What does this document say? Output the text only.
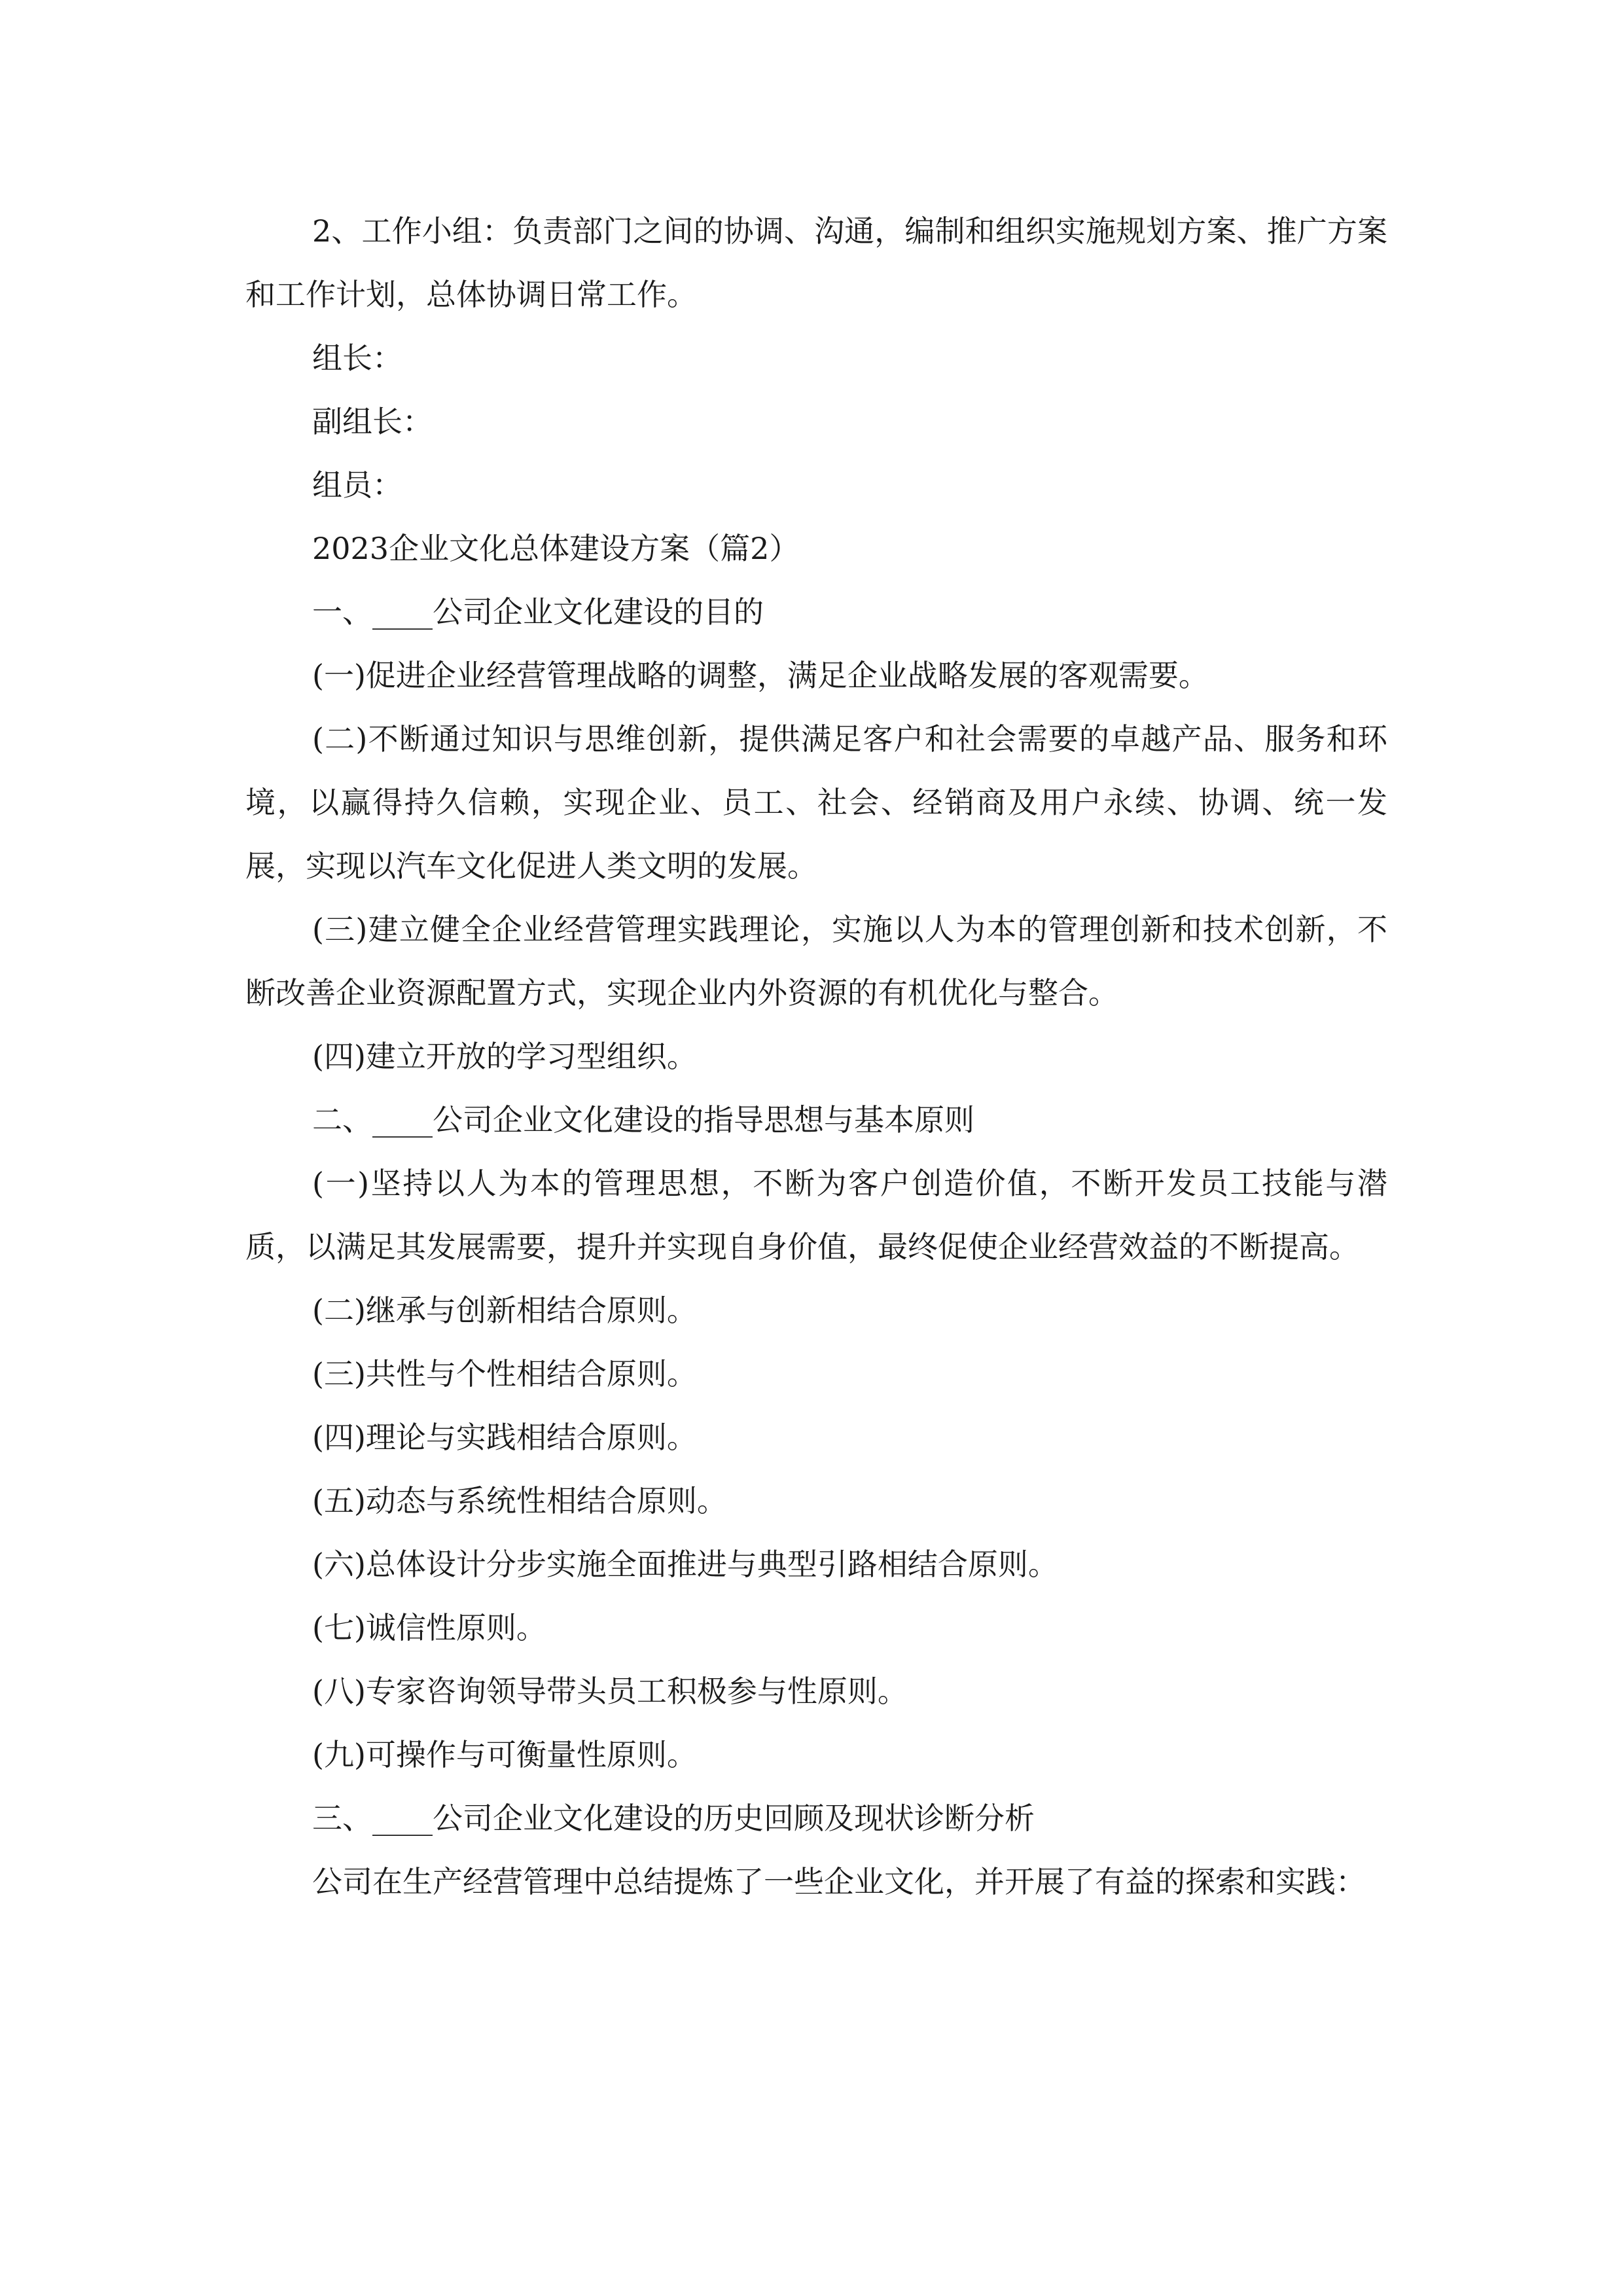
2、工作小组：负责部门之间的协调、沟通，编制和组织实施规划方案、推广方案和工作计划，总体协调日常工作。

组长：

副组长：

组员：

2023企业文化总体建设方案（篇2）

一、____公司企业文化建设的目的

(一)促进企业经营管理战略的调整，满足企业战略发展的客观需要。

(二)不断通过知识与思维创新，提供满足客户和社会需要的卓越产品、服务和环境，以赢得持久信赖，实现企业、员工、社会、经销商及用户永续、协调、统一发展，实现以汽车文化促进人类文明的发展。

(三)建立健全企业经营管理实践理论，实施以人为本的管理创新和技术创新，不断改善企业资源配置方式，实现企业内外资源的有机优化与整合。

(四)建立开放的学习型组织。

二、____公司企业文化建设的指导思想与基本原则

(一)坚持以人为本的管理思想，不断为客户创造价值，不断开发员工技能与潜质，以满足其发展需要，提升并实现自身价值，最终促使企业经营效益的不断提高。

(二)继承与创新相结合原则。

(三)共性与个性相结合原则。

(四)理论与实践相结合原则。

(五)动态与系统性相结合原则。

(六)总体设计分步实施全面推进与典型引路相结合原则。

(七)诚信性原则。

(八)专家咨询领导带头员工积极参与性原则。

(九)可操作与可衡量性原则。

三、____公司企业文化建设的历史回顾及现状诊断分析

公司在生产经营管理中总结提炼了一些企业文化，并开展了有益的探索和实践：
